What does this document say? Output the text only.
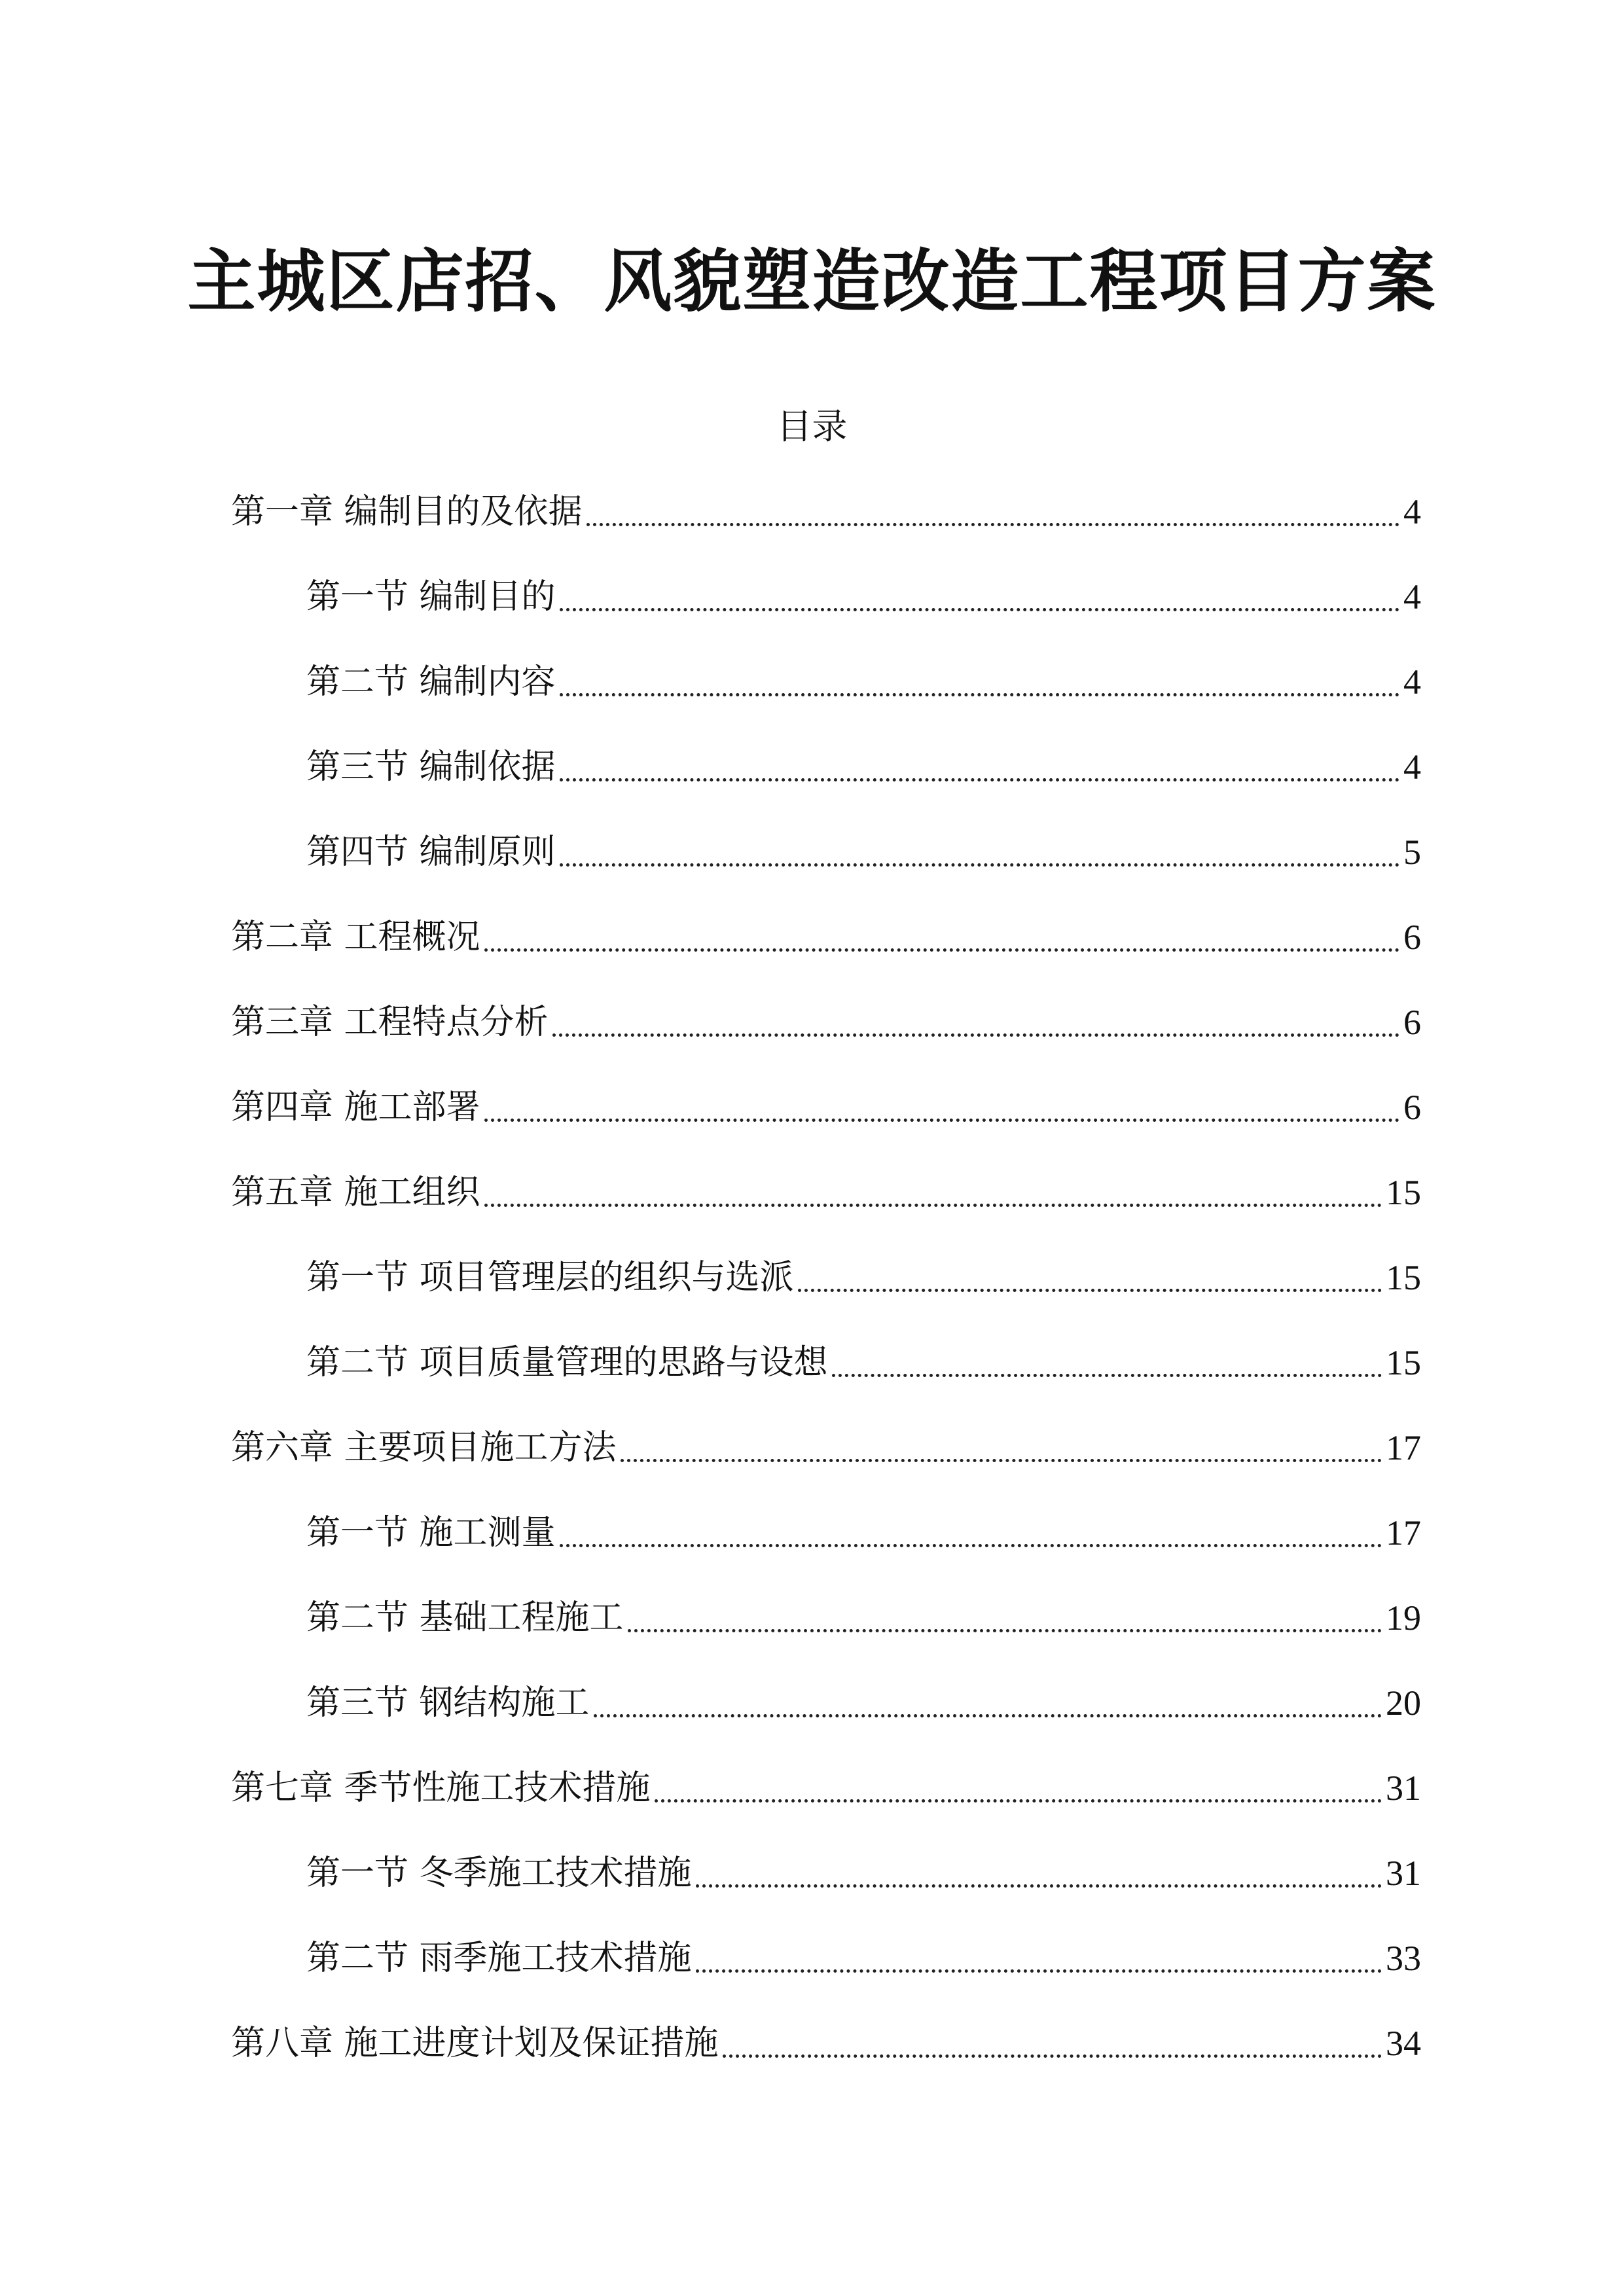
主城区店招、风貌塑造改造工程项目方案
目录
第一章 编制目的及依据	4
第一节 编制目的	4
第二节 编制内容	4
第三节 编制依据	4
第四节 编制原则	5
第二章 工程概况	6
第三章 工程特点分析	6
第四章 施工部署	6
第五章 施工组织	15
第一节 项目管理层的组织与选派	15
第二节 项目质量管理的思路与设想	15
第六章 主要项目施工方法	17
第一节 施工测量	17
第二节 基础工程施工	19
第三节 钢结构施工	20
第七章 季节性施工技术措施	31
第一节 冬季施工技术措施	31
第二节 雨季施工技术措施	33
第八章 施工进度计划及保证措施	34
